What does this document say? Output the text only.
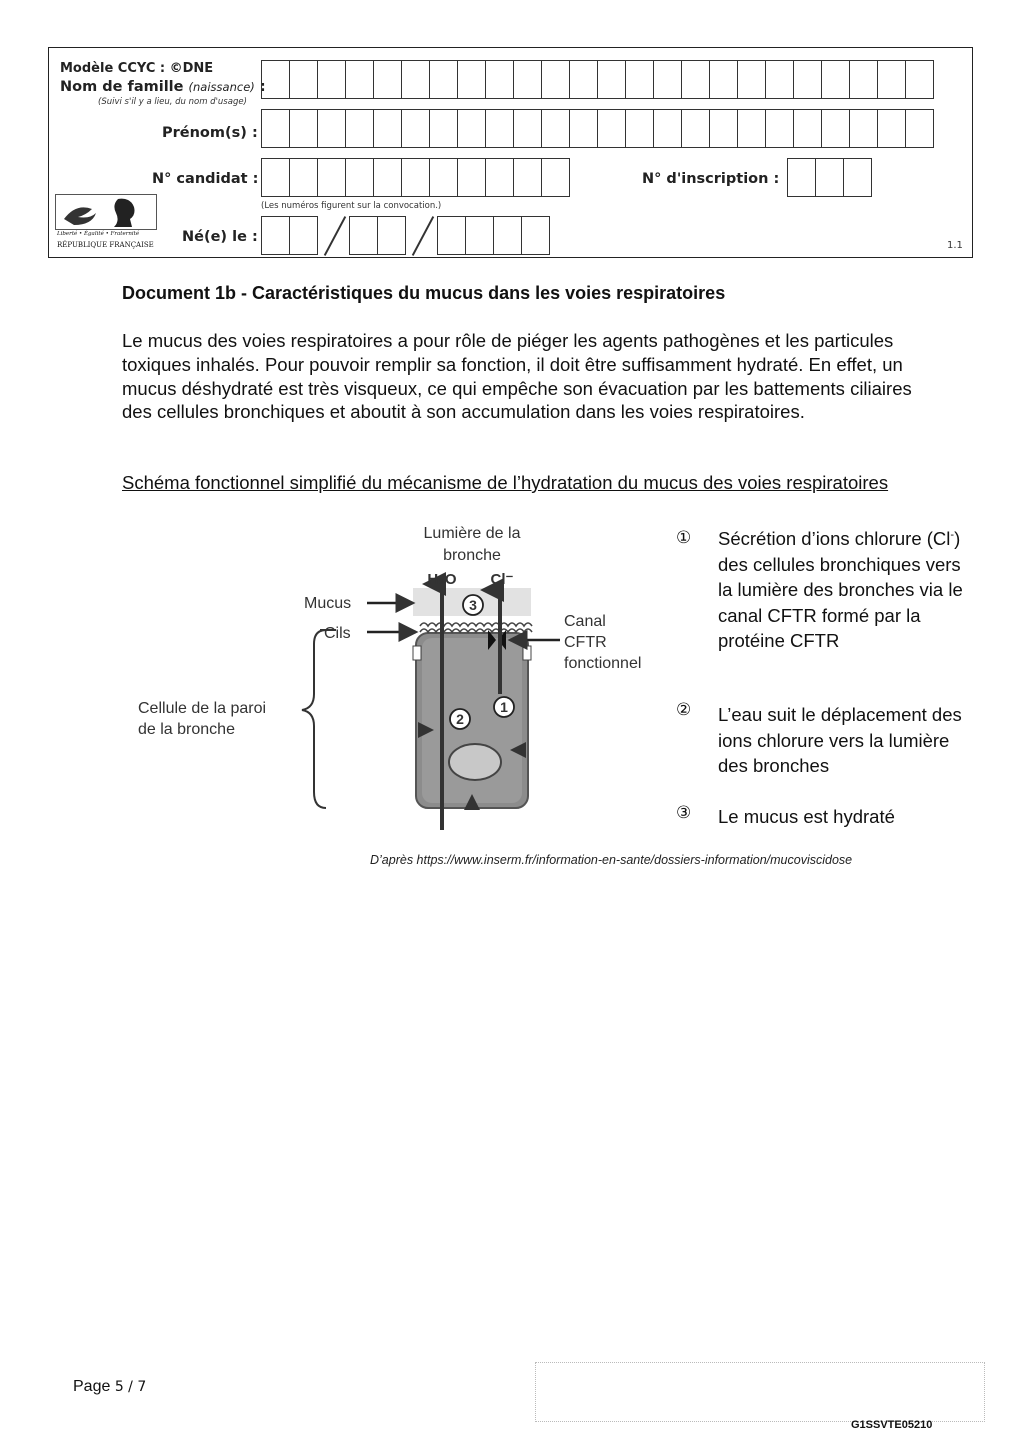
Modèle CCYC : ©DNE
Nom de famille (naissance) :
(Suivi s'il y a lieu, du nom d'usage)
Prénom(s) :
N° candidat :	N° d'inscription :
(Les numéros figurent sur la convocation.)
Né(e) le :
1.1
Liberté • Égalité • Fraternité
RÉPUBLIQUE FRANÇAISE
Document 1b - Caractéristiques du mucus dans les voies respiratoires
Le mucus des voies respiratoires a pour rôle de piéger les agents pathogènes et les particules toxiques inhalés. Pour pouvoir remplir sa fonction, il doit être suffisamment hydraté. En effet, un mucus déshydraté est très visqueux, ce qui empêche son évacuation par les battements ciliaires des cellules bronchiques et aboutit à son accumulation dans les voies respiratoires.
Schéma fonctionnel simplifié du mécanisme de l’hydratation du mucus des voies respiratoires
3
2
1
Lumière de la
bronche
H₂O Cl⁻
Mucus
Cils
Canal
CFTR
fonctionnel
Cellule de la paroi
de la bronche
① Sécrétion d’ions chlorure (Cl-) des cellules bronchiques vers la lumière des bronches via le canal CFTR formé par la protéine CFTR
② L’eau suit le déplacement des ions chlorure vers la lumière des bronches
③ Le mucus est hydraté
D’après https://www.inserm.fr/information-en-sante/dossiers-information/mucoviscidose
Page 5 / 7
G1SSVTE05210
